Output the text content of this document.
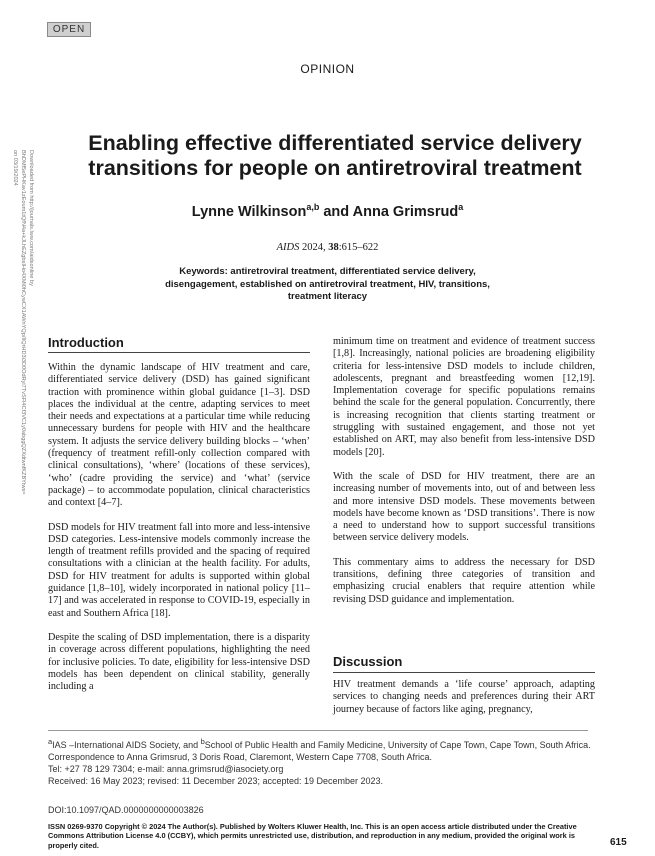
OPEN
OPINION
Downloaded from http://journals.lww.com/aidsonline by BhDMf5ePHKav1zEoum1tQfN4a+kJLhEZgbsIHo4XMi0hCywCX1AWnYQp/IlQrHD3i3D0OdRyi7TvSFl4Cf3VC1y0abggQZXdtwnfKZBYtws= on 03/19/2024
Enabling effective differentiated service delivery transitions for people on antiretroviral treatment
Lynne Wilkinson$^{a,b}$ and Anna Grimsrud$^a$
AIDS 2024, 38:615–622
Keywords: antiretroviral treatment, differentiated service delivery, disengagement, established on antiretroviral treatment, HIV, transitions, treatment literacy
Introduction

Within the dynamic landscape of HIV treatment and care, differentiated service delivery (DSD) has gained significant traction with prominence within global guidance [1–3]. DSD places the individual at the centre, adapting services to meet their needs and expectations at a particular time while reducing unnecessary burdens for people with HIV and the healthcare system. It adjusts the service delivery building blocks – ‘when’ (frequency of treatment refill-only collection compared with clinical consultations), ‘where’ (locations of these services), ‘who’ (cadre providing the service) and ‘what’ (service package) – to accommodate population, clinical characteristics and context [4–7].

DSD models for HIV treatment fall into more and less-intensive DSD categories. Less-intensive models commonly increase the length of treatment refills provided and the spacing of required consultations with a clinician at the health facility. For adults, DSD for HIV treatment for adults is supported within global guidance [1,8–10], widely incorporated in national policy [11–17] and was accelerated in response to COVID-19, especially in east and Southern Africa [18].

Despite the scaling of DSD implementation, there is a disparity in coverage across different populations, highlighting the need for inclusive policies. To date, eligibility for less-intensive DSD models has been dependent on clinical stability, generally including a

minimum time on treatment and evidence of treatment success [1,8]. Increasingly, national policies are broadening eligibility criteria for less-intensive DSD models to include children, adolescents, pregnant and breastfeeding women [12,19]. Implementation coverage for specific populations remains behind the scale for the general population. Concurrently, there is increasing recognition that clients starting treatment or struggling with sustained engagement, and those not yet established on ART, may also benefit from less-intensive DSD models [20].

With the scale of DSD for HIV treatment, there are an increasing number of movements into, out of and between less and more intensive DSD models. These movements between models have become known as ‘DSD transitions’. There is now a need to understand how to support successful transitions between service delivery models.

This commentary aims to address the necessary for DSD transitions, defining three categories of transition and emphasizing crucial enablers that require attention while revising DSD guidance and implementation.

Discussion
HIV treatment demands a ‘life course’ approach, adapting services to changing needs and preferences during their ART journey because of factors like aging, pregnancy,
$^a$IAS –International AIDS Society, and $^b$School of Public Health and Family Medicine, University of Cape Town, Cape Town, South Africa.
Correspondence to Anna Grimsrud, 3 Doris Road, Claremont, Western Cape 7708, South Africa.
Tel: +27 78 129 7304; e-mail: anna.grimsrud@iasociety.org
Received: 16 May 2023; revised: 11 December 2023; accepted: 19 December 2023.
DOI:10.1097/QAD.0000000000003826
ISSN 0269-9370 Copyright © 2024 The Author(s). Published by Wolters Kluwer Health, Inc. This is an open access article distributed under the Creative Commons Attribution License 4.0 (CCBY), which permits unrestricted use, distribution, and reproduction in any medium, provided the original work is properly cited.	615
